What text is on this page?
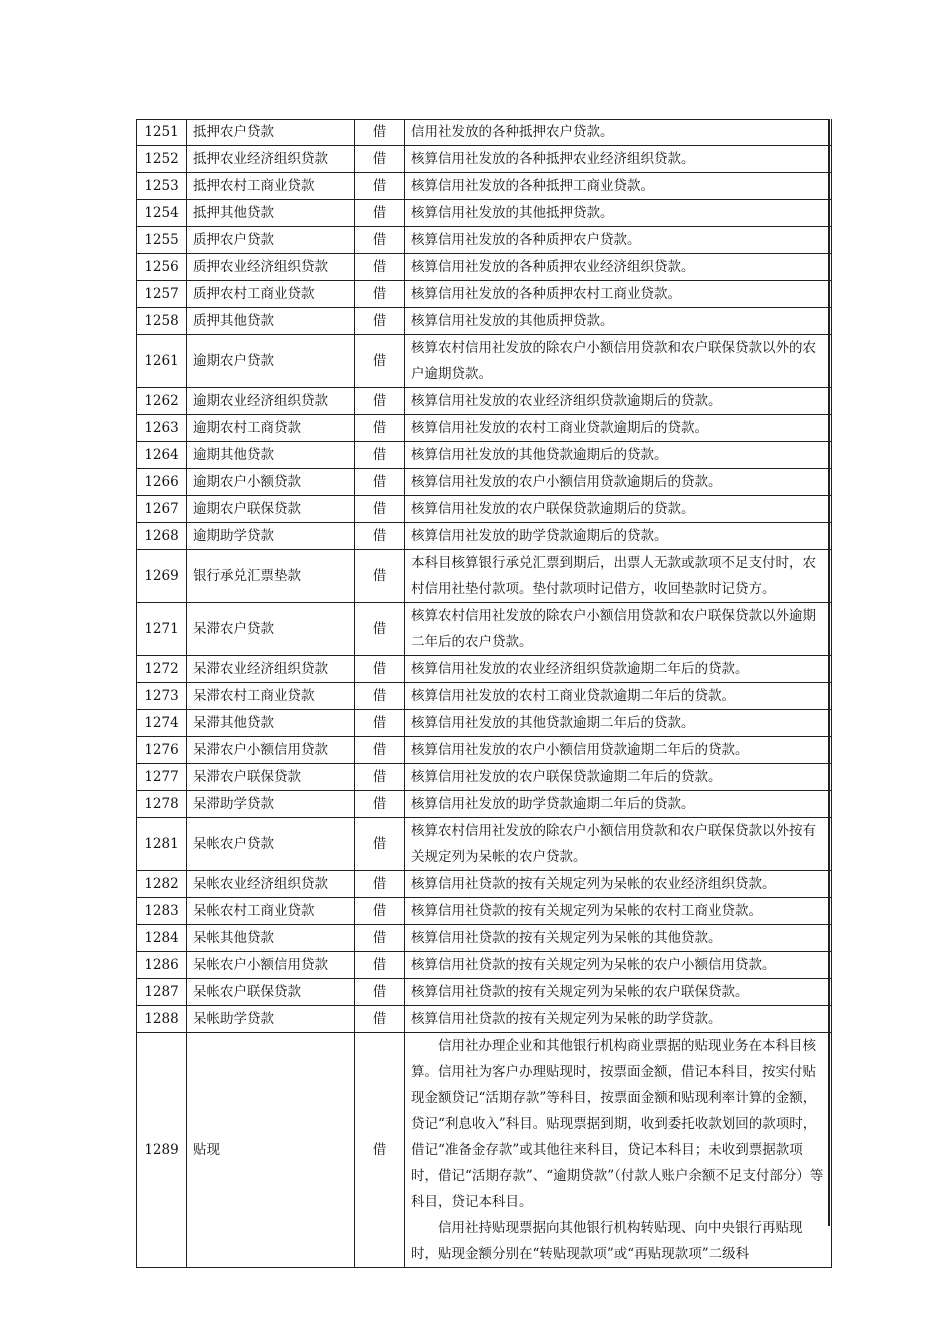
1251	抵押农户贷款	借	信用社发放的各种抵押农户贷款。

1252	抵押农业经济组织贷款	借	核算信用社发放的各种抵押农业经济组织贷款。

1253	抵押农村工商业贷款	借	核算信用社发放的各种抵押工商业贷款。

1254	抵押其他贷款	借	核算信用社发放的其他抵押贷款。

1255	质押农户贷款	借	核算信用社发放的各种质押农户贷款。

1256	质押农业经济组织贷款	借	核算信用社发放的各种质押农业经济组织贷款。

1257	质押农村工商业贷款	借	核算信用社发放的各种质押农村工商业贷款。

1258	质押其他贷款	借	核算信用社发放的其他质押贷款。

1261	逾期农户贷款	借	核算农村信用社发放的除农户小额信用贷款和农户联保贷款以外的农户逾期贷款。

1262	逾期农业经济组织贷款	借	核算信用社发放的农业经济组织贷款逾期后的贷款。

1263	逾期农村工商贷款	借	核算信用社发放的农村工商业贷款逾期后的贷款。

1264	逾期其他贷款	借	核算信用社发放的其他贷款逾期后的贷款。

1266	逾期农户小额贷款	借	核算信用社发放的农户小额信用贷款逾期后的贷款。

1267	逾期农户联保贷款	借	核算信用社发放的农户联保贷款逾期后的贷款。

1268	逾期助学贷款	借	核算信用社发放的助学贷款逾期后的贷款。

1269	银行承兑汇票垫款	借	本科目核算银行承兑汇票到期后，出票人无款或款项不足支付时，农村信用社垫付款项。垫付款项时记借方，收回垫款时记贷方。

1271	呆滞农户贷款	借	核算农村信用社发放的除农户小额信用贷款和农户联保贷款以外逾期二年后的农户贷款。

1272	呆滞农业经济组织贷款	借	核算信用社发放的农业经济组织贷款逾期二年后的贷款。

1273	呆滞农村工商业贷款	借	核算信用社发放的农村工商业贷款逾期二年后的贷款。

1274	呆滞其他贷款	借	核算信用社发放的其他贷款逾期二年后的贷款。

1276	呆滞农户小额信用贷款	借	核算信用社发放的农户小额信用贷款逾期二年后的贷款。

1277	呆滞农户联保贷款	借	核算信用社发放的农户联保贷款逾期二年后的贷款。

1278	呆滞助学贷款	借	核算信用社发放的助学贷款逾期二年后的贷款。

1281	呆帐农户贷款	借	核算农村信用社发放的除农户小额信用贷款和农户联保贷款以外按有关规定列为呆帐的农户贷款。

1282	呆帐农业经济组织贷款	借	核算信用社贷款的按有关规定列为呆帐的农业经济组织贷款。

1283	呆帐农村工商业贷款	借	核算信用社贷款的按有关规定列为呆帐的农村工商业贷款。

1284	呆帐其他贷款	借	核算信用社贷款的按有关规定列为呆帐的其他贷款。

1286	呆帐农户小额信用贷款	借	核算信用社贷款的按有关规定列为呆帐的农户小额信用贷款。

1287	呆帐农户联保贷款	借	核算信用社贷款的按有关规定列为呆帐的农户联保贷款。

1288	呆帐助学贷款	借	核算信用社贷款的按有关规定列为呆帐的助学贷款。

1289	贴现	借	信用社办理企业和其他银行机构商业票据的贴现业务在本科目核算。信用社为客户办理贴现时，按票面金额，借记本科目，按实付贴现金额贷记“活期存款”等科目，按票面金额和贴现利率计算的金额，贷记“利息收入”科目。贴现票据到期，收到委托收款划回的款项时，借记“准备金存款”或其他往来科目，贷记本科目；未收到票据款项时，借记“活期存款”、“逾期贷款”（付款人账户余额不足支付部分）等科目，贷记本科目。

信用社持贴现票据向其他银行机构转贴现、向中央银行再贴现时，贴现金额分别在“转贴现款项”或“再贴现款项”二级科
